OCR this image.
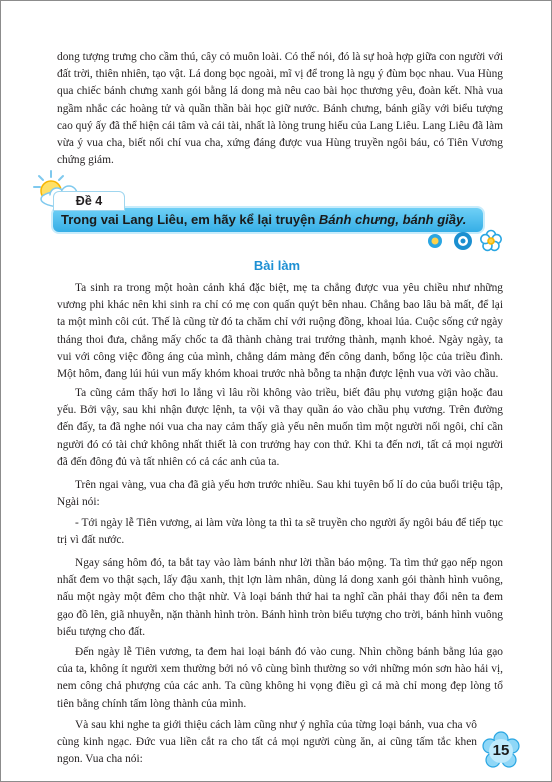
dong tượng trưng cho cầm thú, cây cỏ muôn loài. Có thể nói, đó là sự hoà hợp giữa con người với đất trời, thiên nhiên, tạo vật. Lá dong bọc ngoài, mĩ vị để trong là ngụ ý đùm bọc nhau. Vua Hùng qua chiếc bánh chưng xanh gói bằng lá dong mà nêu cao bài học thương yêu, đoàn kết. Nhà vua ngầm nhắc các hoàng tử và quần thần bài học giữ nước. Bánh chưng, bánh giầy với biểu tượng cao quý ấy đã thể hiện cái tâm và cái tài, nhất là lòng trung hiếu của Lang Liêu. Lang Liêu đã làm vừa ý vua cha, biết nối chí vua cha, xứng đáng được vua Hùng truyền ngôi báu, có Tiên Vương chứng giám.

Trong vai Lang Liêu, em hãy kể lại truyện Bánh chưng, bánh giầy.
Đề 4
Bài làm

Ta sinh ra trong một hoàn cảnh khá đặc biệt, mẹ ta chẳng được vua yêu chiều như những vương phi khác nên khi sinh ra chỉ có mẹ con quấn quýt bên nhau. Chẳng bao lâu bà mất, để lại ta một mình côi cút. Thế là cũng từ đó ta chăm chỉ với ruộng đồng, khoai lúa. Cuộc sống cứ ngày tháng thoi đưa, chẳng mấy chốc ta đã thành chàng trai trưởng thành, mạnh khoẻ. Ngày ngày, ta vui với công việc đồng áng của mình, chẳng dám màng đến công danh, bổng lộc của triều đình. Một hôm, đang lúi húi vun mấy khóm khoai trước nhà bỗng ta nhận được lệnh vua vời vào chầu.

Ta cũng cảm thấy hơi lo lắng vì lâu rồi không vào triều, biết đâu phụ vương giận hoặc đau yếu. Bởi vậy, sau khi nhận được lệnh, ta vội vã thay quần áo vào chầu phụ vương. Trên đường đến đấy, ta đã nghe nói vua cha nay cảm thấy già yếu nên muốn tìm một người nối ngôi, chỉ cần người đó có tài chứ không nhất thiết là con trưởng hay con thứ. Khi ta đến nơi, tất cả mọi người đã đến đông đủ và tất nhiên có cả các anh của ta.

Trên ngai vàng, vua cha đã già yếu hơn trước nhiều. Sau khi tuyên bố lí do của buổi triệu tập, Ngài nói:

- Tới ngày lễ Tiên vương, ai làm vừa lòng ta thì ta sẽ truyền cho người ấy ngôi báu để tiếp tục trị vì đất nước.

Ngay sáng hôm đó, ta bắt tay vào làm bánh như lời thần báo mộng. Ta tìm thứ gạo nếp ngon nhất đem vo thật sạch, lấy đậu xanh, thịt lợn làm nhân, dùng lá dong xanh gói thành hình vuông, nấu một ngày một đêm cho thật nhừ. Và loại bánh thứ hai ta nghĩ cần phải thay đổi nên ta đem gạo đồ lên, giã nhuyễn, nặn thành hình tròn. Bánh hình tròn biểu tượng cho trời, bánh hình vuông biểu tượng cho đất.

Đến ngày lễ Tiên vương, ta đem hai loại bánh đó vào cung. Nhìn chồng bánh bằng lúa gạo của ta, không ít người xem thường bởi nó vô cùng bình thường so với những món sơn hào hải vị, nem công chả phượng của các anh. Ta cũng không hi vọng điều gì cả mà chỉ mong đẹp lòng tổ tiên bằng chính tấm lòng thành của mình.

Và sau khi nghe ta giới thiệu cách làm cũng như ý nghĩa của từng loại bánh, vua cha vô cùng kinh ngạc. Đức vua liền cắt ra cho tất cả mọi người cùng ăn, ai cũng tấm tắc khen ngon. Vua cha nói:

15
